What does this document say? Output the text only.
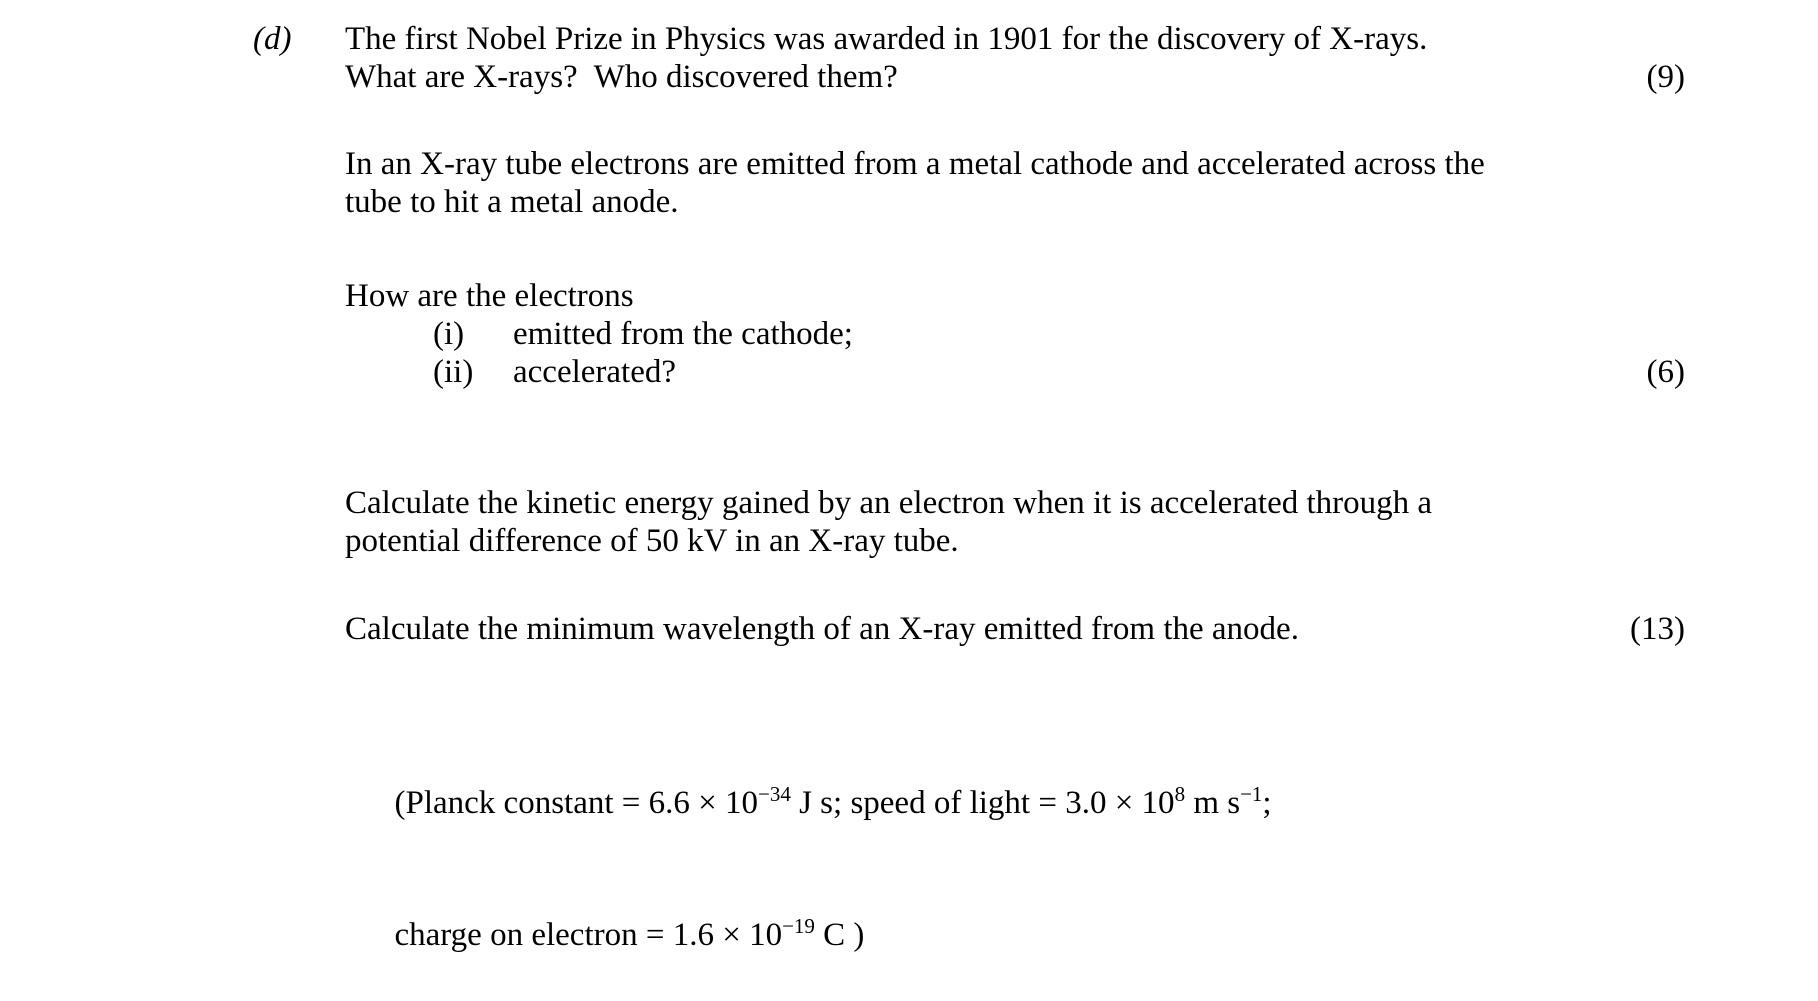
(d) The first Nobel Prize in Physics was awarded in 1901 for the discovery of X-rays.
What are X-rays?  Who discovered them?	(9)
In an X-ray tube electrons are emitted from a metal cathode and accelerated across the
tube to hit a metal anode.
How are the electrons
(i) emitted from the cathode;
(ii) accelerated?	(6)
Calculate the kinetic energy gained by an electron when it is accelerated through a
potential difference of 50 kV in an X-ray tube.
Calculate the minimum wavelength of an X-ray emitted from the anode.	(13)

(Planck constant = $6.6 \times 10^{-34}$ J s; speed of light = $3.0 \times 10^8$ m $s^{-1}$;

charge on electron = $1.6 \times 10^{-19}$ C )
